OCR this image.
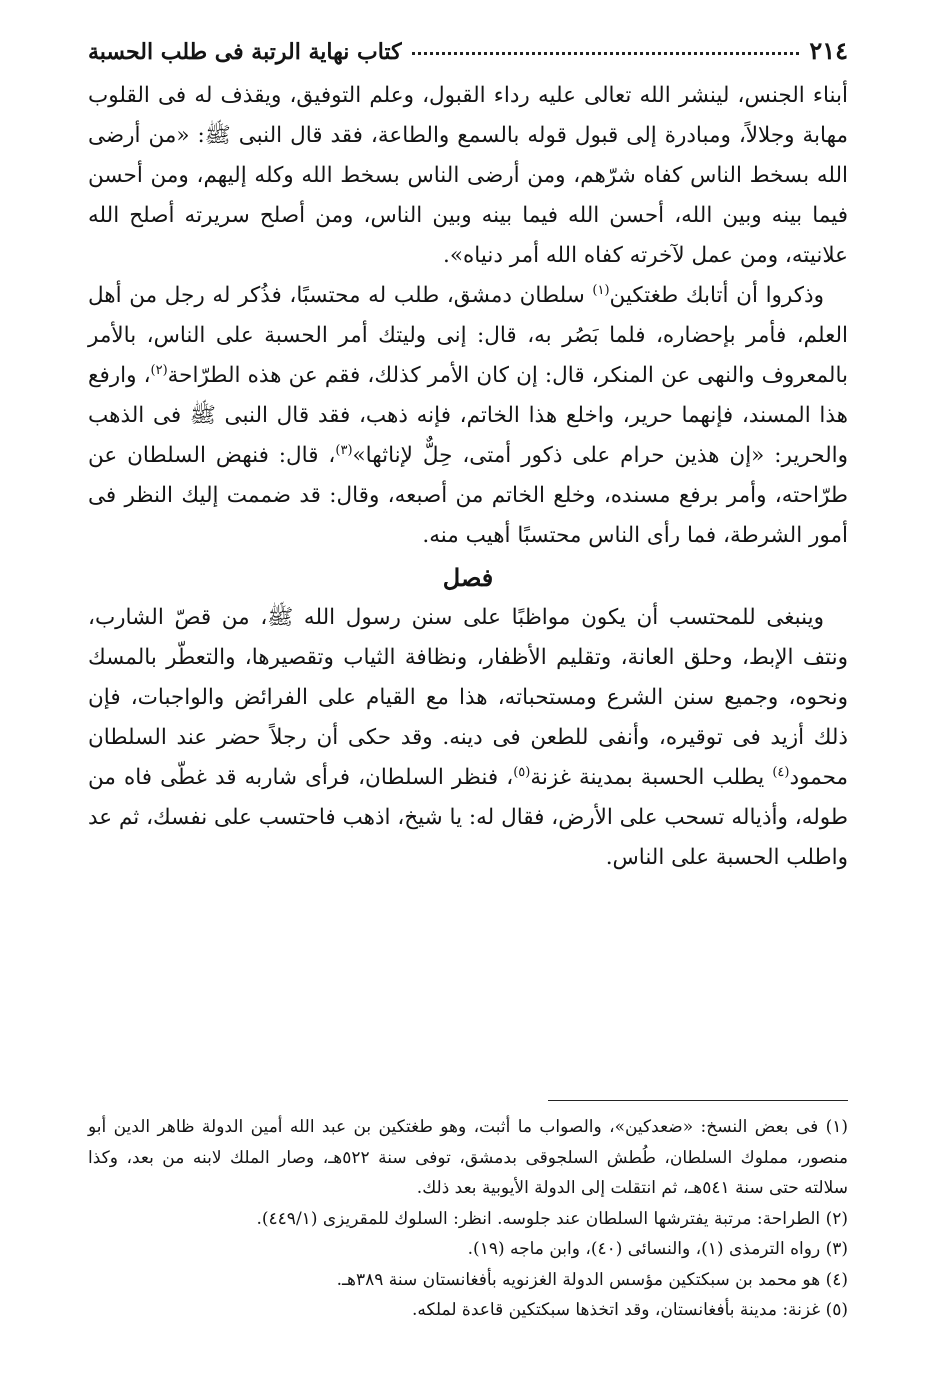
٢١٤
كتاب نهاية الرتبة فى طلب الحسبة

أبناء الجنس، لينشر الله تعالى عليه رداء القبول، وعلم التوفيق، ويقذف له فى القلوب مهابة وجلالاً، ومبادرة إلى قبول قوله بالسمع والطاعة، فقد قال النبى ﷺ: «من أرضى الله بسخط الناس كفاه شرّهم، ومن أرضى الناس بسخط الله وكله إليهم، ومن أحسن فيما بينه وبين الله، أحسن الله فيما بينه وبين الناس، ومن أصلح سريرته أصلح الله علانيته، ومن عمل لآخرته كفاه الله أمر دنياه».

وذكروا أن أتابك طغتكين$^{(١)}$ سلطان دمشق، طلب له محتسبًا، فذُكر له رجل من أهل العلم، فأمر بإحضاره، فلما بَصُر به، قال: إنى وليتك أمر الحسبة على الناس، بالأمر بالمعروف والنهى عن المنكر، قال: إن كان الأمر كذلك، فقم عن هذه الطرّاحة$^{(٢)}$، وارفع هذا المسند، فإنهما حرير، واخلع هذا الخاتم، فإنه ذهب، فقد قال النبى ﷺ فى الذهب والحرير: «إن هذين حرام على ذكور أمتى، حِلٌّ لإناثها»$^{(٣)}$، قال: فنهض السلطان عن طرّاحته، وأمر برفع مسنده، وخلع الخاتم من أصبعه، وقال: قد ضممت إليك النظر فى أمور الشرطة، فما رأى الناس محتسبًا أهيب منه.

فصل

وينبغى للمحتسب أن يكون مواظبًا على سنن رسول الله ﷺ، من قصّ الشارب، ونتف الإبط، وحلق العانة، وتقليم الأظفار، ونظافة الثياب وتقصيرها، والتعطّر بالمسك ونحوه، وجميع سنن الشرع ومستحباته، هذا مع القيام على الفرائض والواجبات، فإن ذلك أزيد فى توقيره، وأنفى للطعن فى دينه. وقد حكى أن رجلاً حضر عند السلطان محمود$^{(٤)}$ يطلب الحسبة بمدينة غزنة$^{(٥)}$، فنظر السلطان، فرأى شاربه قد غطّى فاه من طوله، وأذياله تسحب على الأرض، فقال له: يا شيخ، اذهب فاحتسب على نفسك، ثم عد واطلب الحسبة على الناس.

(١) فى بعض النسخ: «ضعدكين»، والصواب ما أثبت، وهو طغتكين بن عبد الله أمين الدولة ظاهر الدين أبو منصور، مملوك السلطان، طُطش السلجوقى بدمشق، توفى سنة ٥٢٢هـ، وصار الملك لابنه من بعد، وكذا سلالته حتى سنة ٥٤١هـ، ثم انتقلت إلى الدولة الأيوبية بعد ذلك.

(٢) الطراحة: مرتبة يفترشها السلطان عند جلوسه. انظر: السلوك للمقريزى (٤٤٩/١).

(٣) رواه الترمذى (١)، والنسائى (٤٠)، وابن ماجه (١٩).

(٤) هو محمد بن سبكتكين مؤسس الدولة الغزنويه بأفغانستان سنة ٣٨٩هـ.

(٥) غزنة: مدينة بأفغانستان، وقد اتخذها سبكتكين قاعدة لملكه.
